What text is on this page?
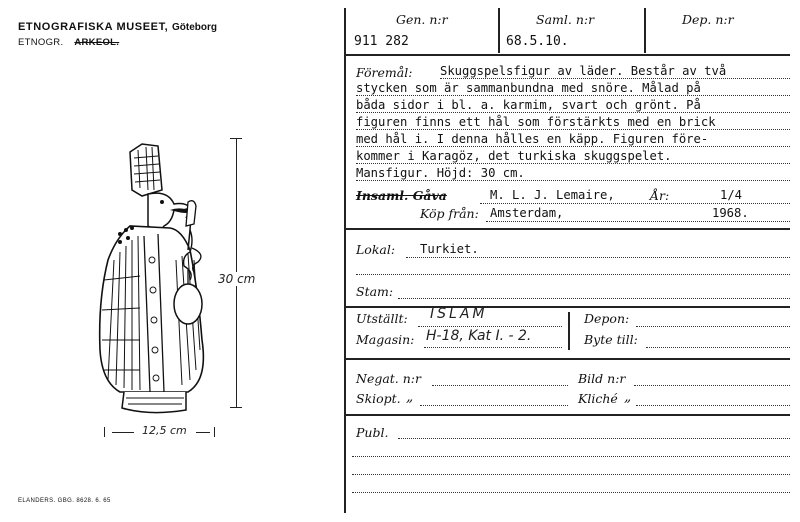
ETNOGRAFISKA MUSEET, Göteborg
ETNOGR. ARKEOL.
30 cm
12,5 cm
ELANDERS. GBG. 8628. 6. 65
Gen. n:r
911 282
Saml. n:r
68.5.10.
Dep. n:r
Föremål: Skuggspelsfigur av läder. Består av två
stycken som är sammanbundna med snöre. Målad på
båda sidor i bl. a. karmim, svart och grönt. På
figuren finns ett hål som förstärkts med en brick
med hål i. I denna hålles en käpp. Figuren före-
kommer i Karagöz, det turkiska skuggspelet.
Mansfigur. Höjd: 30 cm.
Insaml. Gåva	M. L. J. Lemaire,	År:	1/4
Köp från: Amsterdam,	1968.
Lokal: Turkiet.
Stam:
Utställt: ISLAM
Magasin: H-18, Kat I. - 2.
Depon:
Byte till:
Negat. n:r	Bild n:r
Skiopt. „	Kliché „
Publ.
